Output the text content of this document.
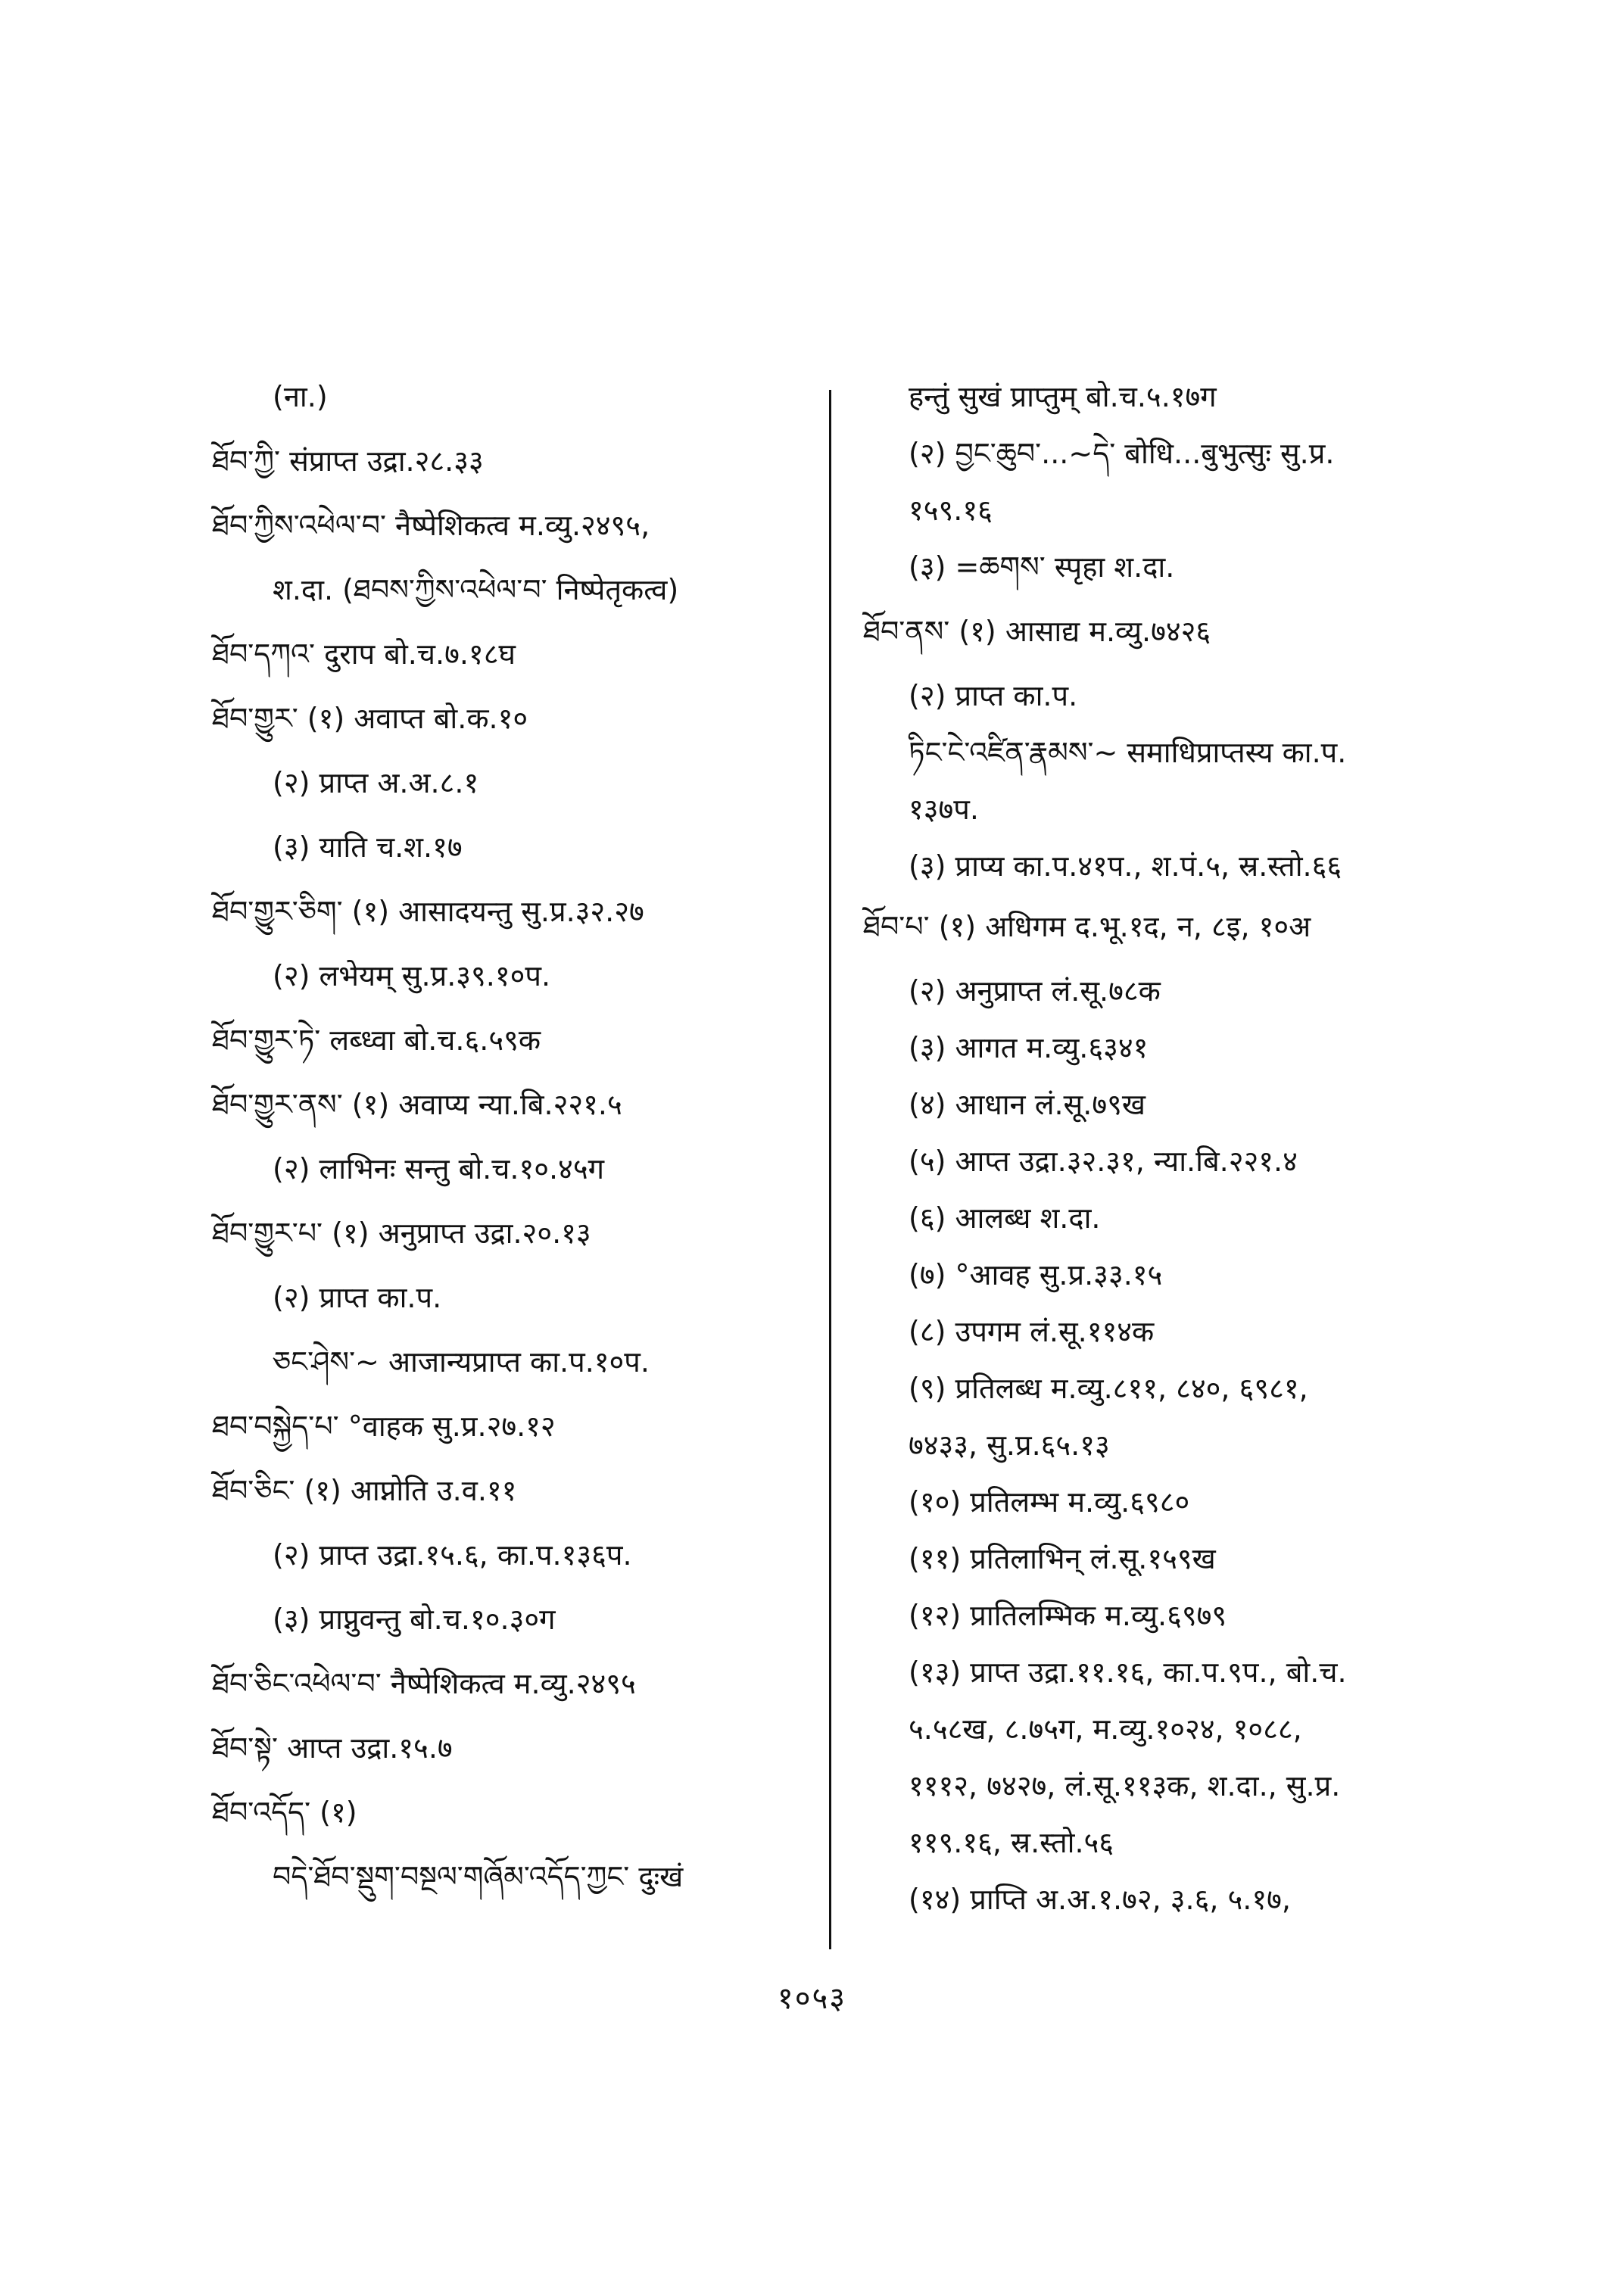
(ना.)
ཐོབ་ཀྱི་ संप्राप्त उद्रा.२८.३३
ཐོབ་ཀྱིས་འཕེལ་བ་ नैष्पेशिकत्व म.व्यु.२४९५,
श.दा. (ཐབས་ཀྱིས་འཕེལ་བ་ निष्पेतृकत्व)
ཐོབ་དཀའ་ दुराप बो.च.७.१८घ
ཐོབ་གྱུར་ (१) अवाप्त बो.क.१०
(२) प्राप्त अ.अ.८.१
(३) याति च.श.१७
ཐོབ་གྱུར་ཅིག་ (१) आसादयन्तु सु.प्र.३२.२७
(२) लभेयम् सु.प्र.३९.१०प.
ཐོབ་གྱུར་ཏེ་ लब्ध्वा बो.च.६.५९क
ཐོབ་གྱུར་ནས་ (१) अवाप्य न्या.बि.२२१.५
(२) लाभिनः सन्तु बो.च.१०.४५ग
ཐོབ་གྱུར་པ་ (१) अनुप्राप्त उद्रा.२०.१३
(२) प्राप्त का.प.
ཅང་ཤེས་~ आजान्यप्राप्त का.प.१०प.
ཐབ་བསྐྱེད་པ་ °वाहक सु.प्र.२७.१२
ཐོབ་ཅིང་ (१) आप्नोति उ.व.११
(२) प्राप्त उद्रा.१५.६, का.प.१३६प.
(३) प्राप्नुवन्तु बो.च.१०.३०ग
ཐོབ་ཅིང་འཕེལ་བ་ नैष्पेशिकत्व म.व्यु.२४९५
ཐོབ་སྟེ་ आप्त उद्रा.१५.७
ཐོབ་འདོད་ (१)
བདེ་ཐོབ་སྡུག་བསྔལ་གཞོམ་འདོད་ཀྱང་ दुःखं
हन्तुं सुखं प्राप्तुम् बो.च.५.१७ग
(२) བྱང་ཆུབ་...~དེ་ बोधि...बुभुत्सुः सु.प्र.
१५९.१६
(३) =ཆགས་ स्पृहा श.दा.
ཐོབ་ནས་ (१) आसाद्य म.व्यु.७४२६
(२) प्राप्त का.प.
ཏིང་ངེ་འཛིན་རྣམས་~ समाधिप्राप्तस्य का.प.
१३७प.
(३) प्राप्य का.प.४१प., श.पं.५, स्र.स्तो.६६
ཐོབ་པ་ (१) अधिगम द.भू.१द, न, ८इ, १०अ
(२) अनुप्राप्त लं.सू.७८क
(३) आगत म.व्यु.६३४१
(४) आधान लं.सू.७९ख
(५) आप्त उद्रा.३२.३१, न्या.बि.२२१.४
(६) आलब्ध श.दा.
(७) °आवह सु.प्र.३३.१५
(८) उपगम लं.सू.११४क
(९) प्रतिलब्ध म.व्यु.८११, ८४०, ६९८१,
७४३३, सु.प्र.६५.१३
(१०) प्रतिलम्भ म.व्यु.६९८०
(११) प्रतिलाभिन् लं.सू.१५९ख
(१२) प्रातिलम्भिक म.व्यु.६९७९
(१३) प्राप्त उद्रा.११.१६, का.प.९प., बो.च.
५.५८ख, ८.७५ग, म.व्यु.१०२४, १०८८,
१११२, ७४२७, लं.सू.११३क, श.दा., सु.प्र.
११९.१६, स्र.स्तो.५६
(१४) प्राप्ति अ.अ.१.७२, ३.६, ५.१७,
१०५३
